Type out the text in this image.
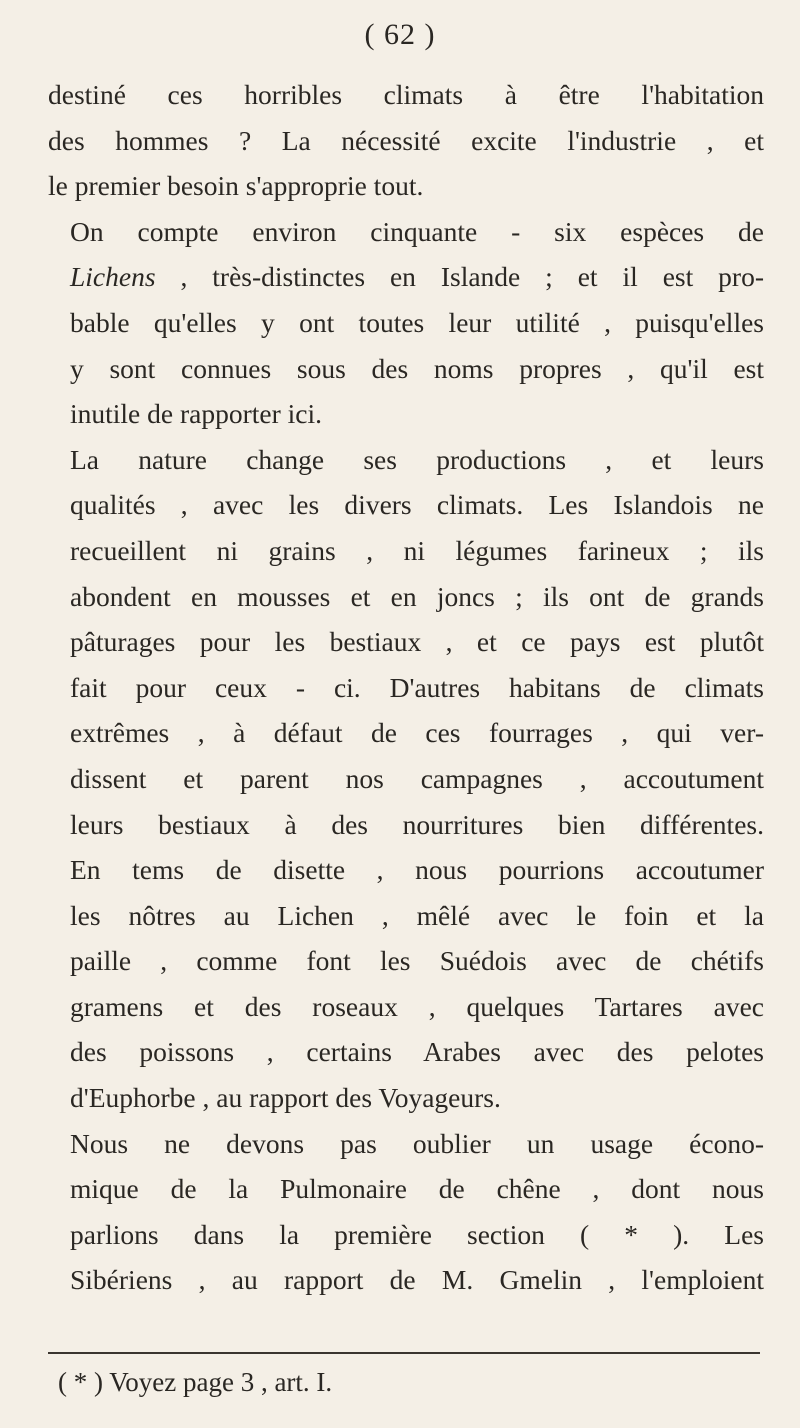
( 62 )

destiné ces horribles climats à être l'habitation
des hommes ? La nécessité excite l'industrie , et
le premier besoin s'approprie tout.

On compte environ cinquante - six espèces de
Lichens , très-distinctes en Islande ; et il est pro-
bable qu'elles y ont toutes leur utilité , puisqu'elles
y sont connues sous des noms propres , qu'il est
inutile de rapporter ici.

La nature change ses productions , et leurs
qualités , avec les divers climats. Les Islandois ne
recueillent ni grains , ni légumes farineux ; ils
abondent en mousses et en joncs ; ils ont de grands
pâturages pour les bestiaux , et ce pays est plutôt
fait pour ceux - ci. D'autres habitans de climats
extrêmes , à défaut de ces fourrages , qui ver-
dissent et parent nos campagnes , accoutument
leurs bestiaux à des nourritures bien différentes.
En tems de disette , nous pourrions accoutumer
les nôtres au Lichen , mêlé avec le foin et la
paille , comme font les Suédois avec de chétifs
gramens et des roseaux , quelques Tartares avec
des poissons , certains Arabes avec des pelotes
d'Euphorbe , au rapport des Voyageurs.

Nous ne devons pas oublier un usage écono-
mique de la Pulmonaire de chêne , dont nous
parlions dans la première section ( * ). Les
Sibériens , au rapport de M. Gmelin , l'emploient

( * ) Voyez page 3 , art. I.
